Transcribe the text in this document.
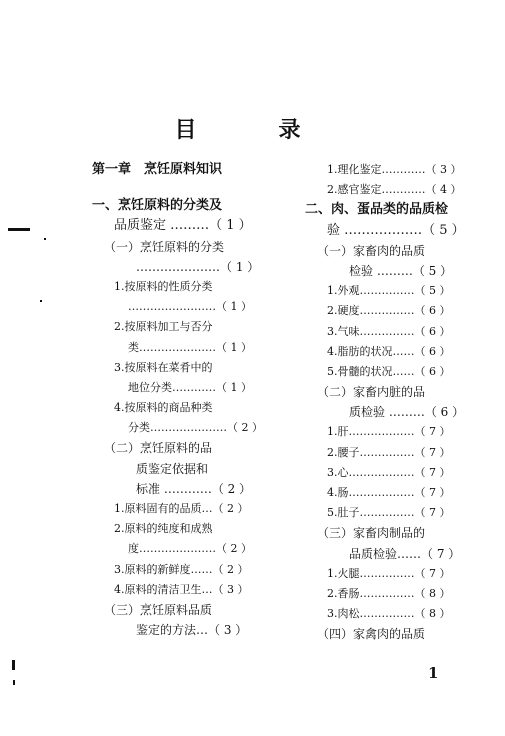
目　录
第一章　烹饪原料知识
一、烹饪原料的分类及
品质鉴定 ………（ 1 ）
（一）烹饪原料的分类
…………………（ 1 ）
1.按原料的性质分类
……………………（ 1 ）
2.按原料加工与否分
类…………………（ 1 ）
3.按原料在菜肴中的
地位分类…………（ 1 ）
4.按原料的商品种类
分类…………………（ 2 ）
（二）烹饪原料的品
质鉴定依据和
标准 …………（ 2 ）
1.原料固有的品质…（ 2 ）
2.原料的纯度和成熟
度…………………（ 2 ）
3.原料的新鲜度……（ 2 ）
4.原料的清洁卫生…（ 3 ）
（三）烹饪原料品质
鉴定的方法…（ 3 ）
1.理化鉴定…………（ 3 ）
2.感官鉴定…………（ 4 ）
二、肉、蛋品类的品质检
验 ………………（ 5 ）
（一）家畜肉的品质
检验 ………（ 5 ）
1.外观……………（ 5 ）
2.硬度……………（ 6 ）
3.气味……………（ 6 ）
4.脂肪的状况……（ 6 ）
5.骨髓的状况……（ 6 ）
（二）家畜内脏的品
质检验 ………（ 6 ）
1.肝………………（ 7 ）
2.腰子……………（ 7 ）
3.心………………（ 7 ）
4.肠………………（ 7 ）
5.肚子……………（ 7 ）
（三）家畜肉制品的
品质检验……（ 7 ）
1.火腿……………（ 7 ）
2.香肠……………（ 8 ）
3.肉松……………（ 8 ）
（四）家禽肉的品质
1
